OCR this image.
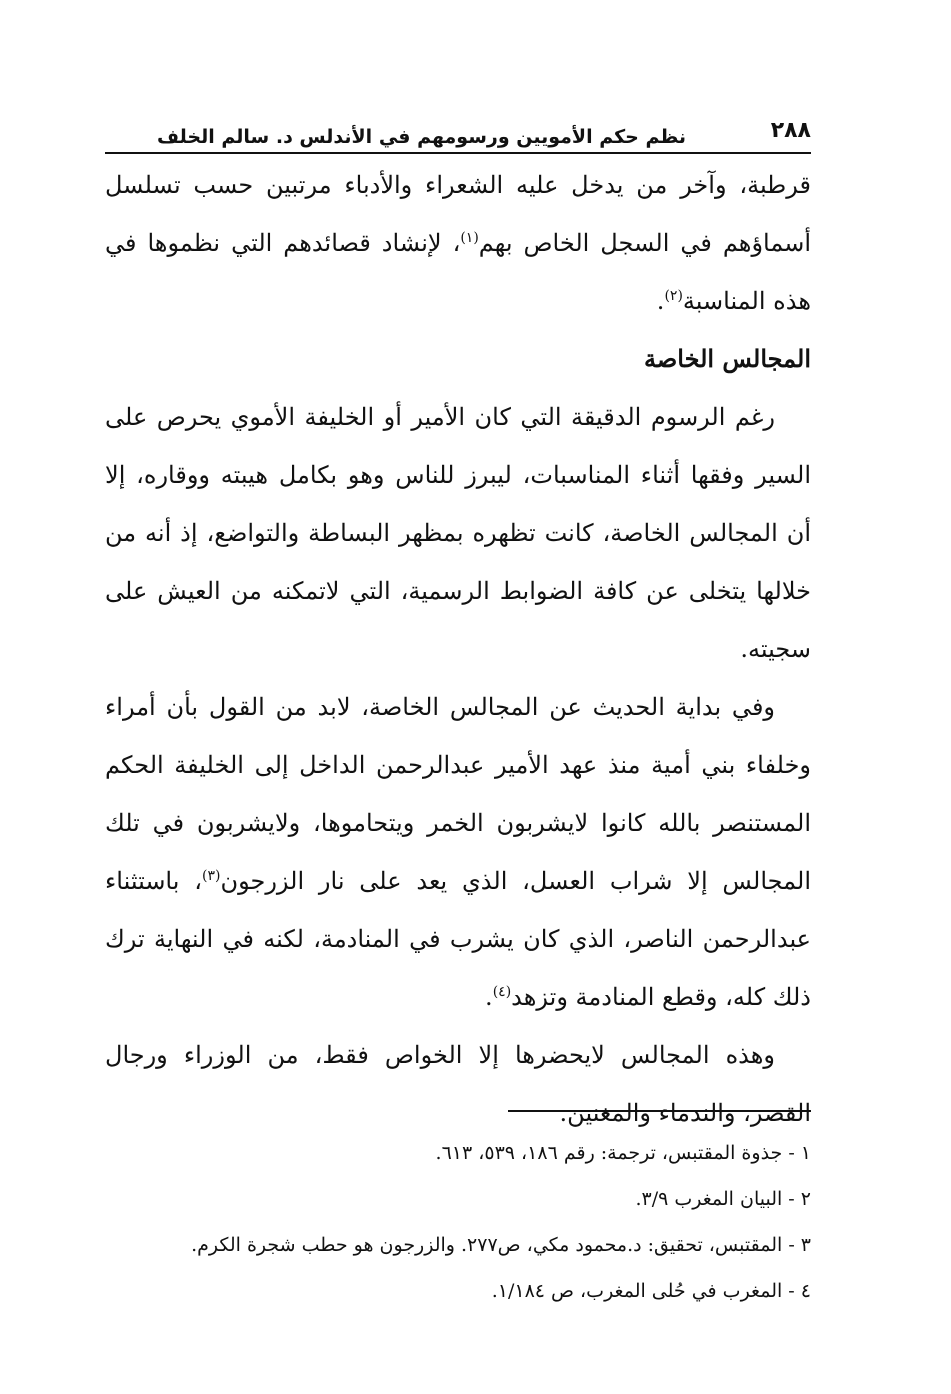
٢٨٨
نظم حكم الأمويين ورسومهم في الأندلس د. سالم الخلف

قرطبة، وآخر من يدخل عليه الشعراء والأدباء مرتبين حسب تسلسل أسماؤهم في السجل الخاص بهم$^{(١)}$، لإنشاد قصائدهم التي نظموها في هذه المناسبة$^{(٢)}$.

المجالس الخاصة

رغم الرسوم الدقيقة التي كان الأمير أو الخليفة الأموي يحرص على السير وفقها أثناء المناسبات، ليبرز للناس وهو بكامل هيبته ووقاره، إلا أن المجالس الخاصة، كانت تظهره بمظهر البساطة والتواضع، إذ أنه من خلالها يتخلى عن كافة الضوابط الرسمية، التي لاتمكنه من العيش على سجيته.

وفي بداية الحديث عن المجالس الخاصة، لابد من القول بأن أمراء وخلفاء بني أمية منذ عهد الأمير عبدالرحمن الداخل إلى الخليفة الحكم المستنصر بالله كانوا لايشربون الخمر ويتحاموها، ولايشربون في تلك المجالس إلا شراب العسل، الذي يعد على نار الزرجون$^{(٣)}$، باستثناء عبدالرحمن الناصر، الذي كان يشرب في المنادمة، لكنه في النهاية ترك ذلك كله، وقطع المنادمة وتزهد$^{(٤)}$.

وهذه المجالس لايحضرها إلا الخواص فقط، من الوزراء ورجال القصر، والندماء والمغنين.

١ - جذوة المقتبس، ترجمة: رقم ١٨٦، ٥٣٩، ٦١٣.
٢ - البيان المغرب ٣/٩.
٣ - المقتبس، تحقيق: د.محمود مكي، ص٢٧٧. والزرجون هو حطب شجرة الكرم.
٤ - المغرب في حُلى المغرب، ص ١/١٨٤.
